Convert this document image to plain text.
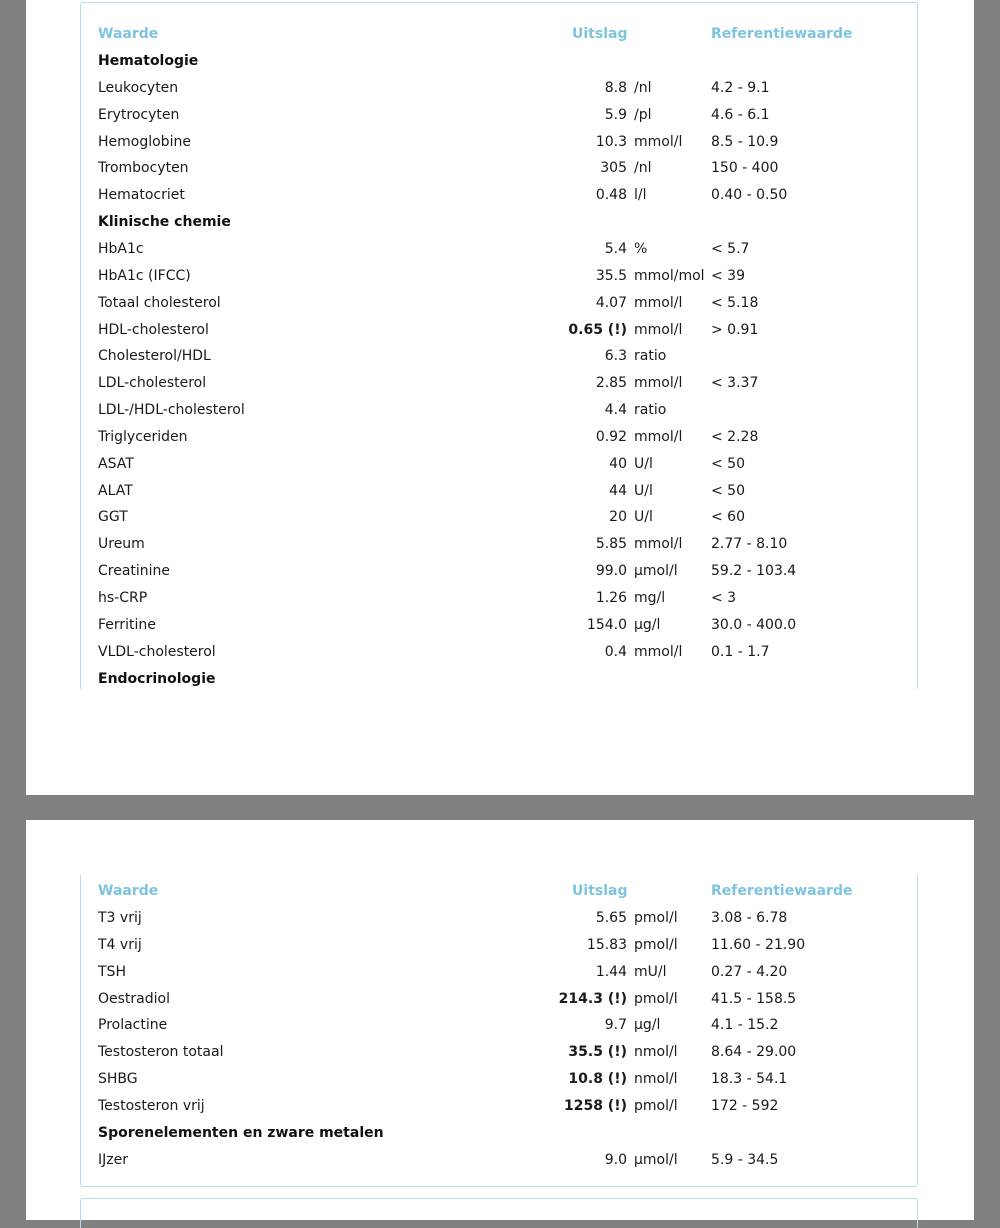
Waarde	Uitslag	Referentiewaarde
Hematologie
Leukocyten	8.8 /nl	4.2 - 9.1
Erytrocyten	5.9 /pl	4.6 - 6.1
Hemoglobine	10.3 mmol/l 8.5 - 10.9
Trombocyten	305 /nl	150 - 400
Hematocriet	0.48 l/l	0.40 - 0.50
Klinische chemie
HbA1c	5.4 %	< 5.7
HbA1c (IFCC)	35.5 mmol/mol < 39
Totaal cholesterol	4.07 mmol/l < 5.18
HDL-cholesterol	0.65 (!) mmol/l > 0.91
Cholesterol/HDL	6.3 ratio
LDL-cholesterol	2.85 mmol/l < 3.37
LDL-/HDL-cholesterol	4.4 ratio
Triglyceriden	0.92 mmol/l < 2.28
ASAT	40 U/l	< 50
ALAT	44 U/l	< 50
GGT	20 U/l	< 60
Ureum	5.85 mmol/l 2.77 - 8.10
Creatinine	99.0 µmol/l 59.2 - 103.4
hs-CRP	1.26 mg/l	< 3
Ferritine	154.0 µg/l	30.0 - 400.0
VLDL-cholesterol	0.4 mmol/l 0.1 - 1.7
Endocrinologie
Waarde	Uitslag	Referentiewaarde
T3 vrij	5.65 pmol/l 3.08 - 6.78
T4 vrij	15.83 pmol/l 11.60 - 21.90
TSH	1.44 mU/l	0.27 - 4.20
Oestradiol	214.3 (!) pmol/l 41.5 - 158.5
Prolactine	9.7 µg/l	4.1 - 15.2
Testosteron totaal	35.5 (!) nmol/l 8.64 - 29.00
SHBG	10.8 (!) nmol/l 18.3 - 54.1
Testosteron vrij	1258 (!) pmol/l 172 - 592
Sporenelementen en zware metalen
IJzer	9.0 µmol/l 5.9 - 34.5
